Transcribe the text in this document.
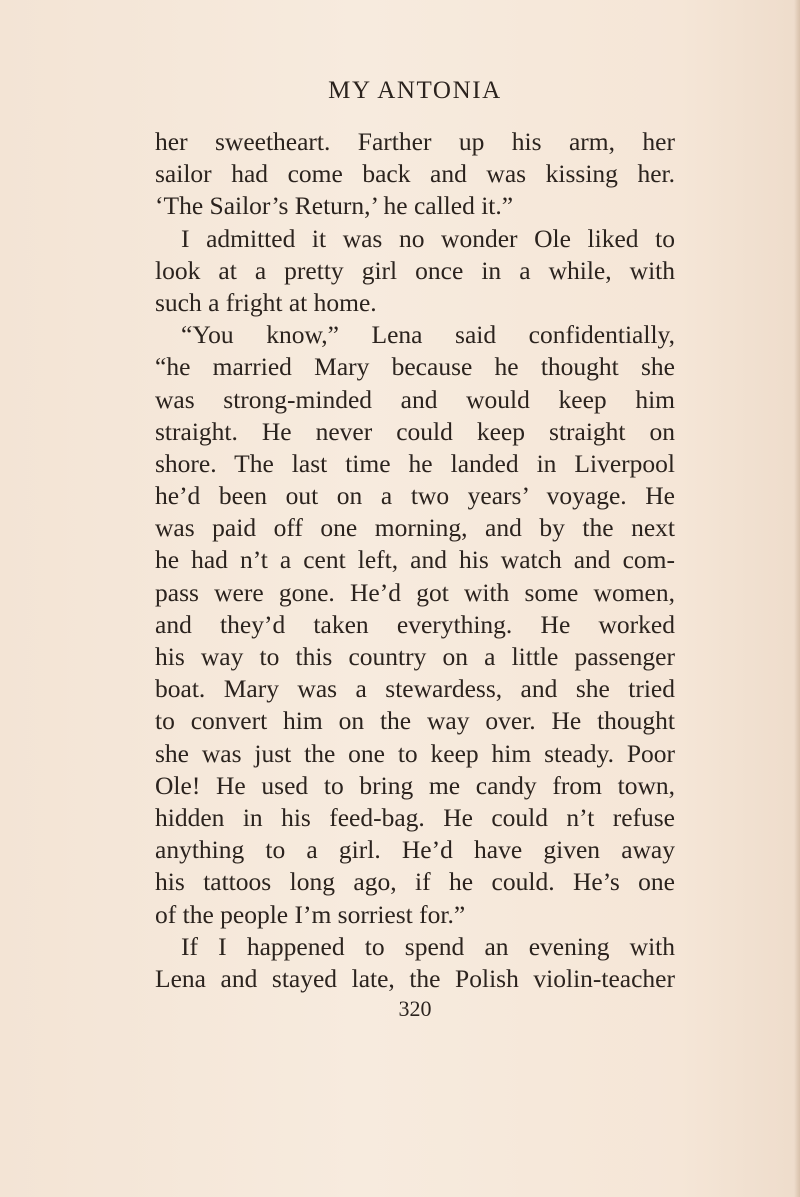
MY ANTONIA
her sweetheart. Farther up his arm, her
sailor had come back and was kissing her.
‘The Sailor’s Return,’ he called it.”
I admitted it was no wonder Ole liked to
look at a pretty girl once in a while, with
such a fright at home.
“You know,” Lena said confidentially,
“he married Mary because he thought she
was strong-minded and would keep him
straight. He never could keep straight on
shore. The last time he landed in Liverpool
he’d been out on a two years’ voyage. He
was paid off one morning, and by the next
he had n’t a cent left, and his watch and com-
pass were gone. He’d got with some women,
and they’d taken everything. He worked
his way to this country on a little passenger
boat. Mary was a stewardess, and she tried
to convert him on the way over. He thought
she was just the one to keep him steady. Poor
Ole! He used to bring me candy from town,
hidden in his feed-bag. He could n’t refuse
anything to a girl. He’d have given away
his tattoos long ago, if he could. He’s one
of the people I’m sorriest for.”
If I happened to spend an evening with
Lena and stayed late, the Polish violin-teacher
320
